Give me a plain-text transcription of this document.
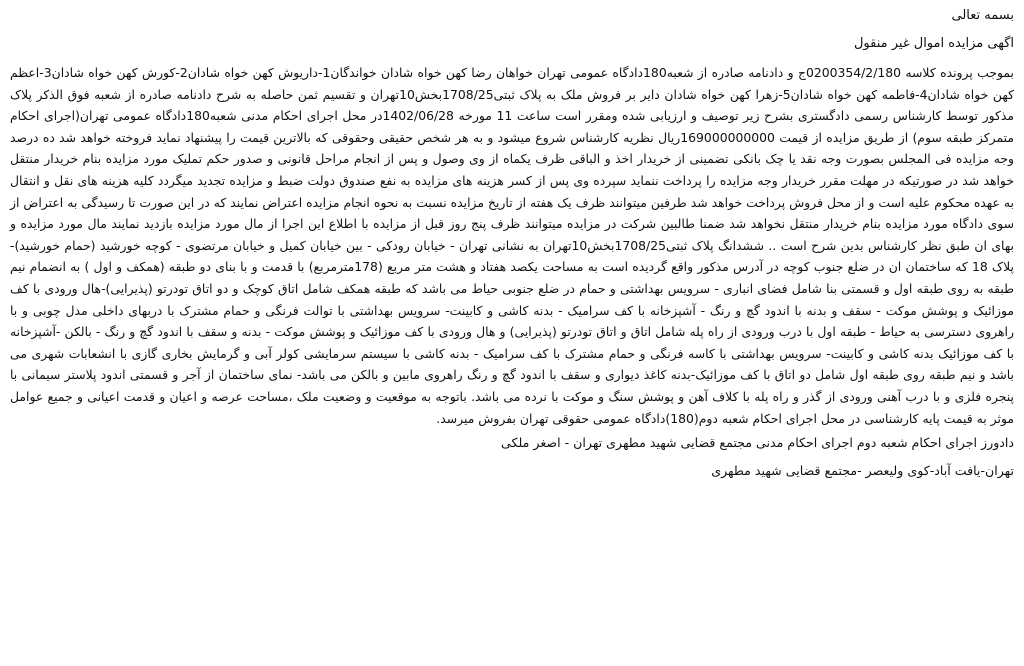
بسمه تعالی
اگهی مزایده اموال غیر منقول

بموجب پرونده کلاسه 0200354/2/180ج و دادنامه صادره از شعبه180دادگاه عمومی تهران خواهان رضا کهن خواه شادان خواندگان1-داریوش کهن خواه شادان2-کورش کهن خواه شادان3-اعظم کهن خواه شادان4-فاطمه کهن خواه شادان5-زهرا کهن خواه شادان دایر بر فروش ملک به پلاک ثبتی1708/25بخش10تهران و تقسیم ثمن حاصله به شرح دادنامه صادره از شعبه فوق الذکر پلاک مذکور توسط کارشناس رسمی دادگستری بشرح زیر توصیف و ارزیابی شده ومقرر است ساعت 11 مورخه 1402/06/28در محل اجرای احکام مدنی شعبه180دادگاه عمومی تهران(اجرای احکام متمرکز طبقه سوم) از طریق مزایده از قیمت 169000000000ریال نظریه کارشناس شروع میشود و به هر شخص حقیقی وحقوقی که بالاترین قیمت را پیشنهاد نماید فروخته خواهد شد ده درصد وجه مزایده فی المجلس بصورت وجه نقد یا چک بانکی تضمینی از خریدار اخذ و الباقی ظرف یکماه از وی وصول و پس از انجام مراحل قانونی و صدور حکم تملیک مورد مزایده بنام خریدار منتقل خواهد شد در صورتیکه در مهلت مقرر خریدار وجه مزایده را پرداخت ننماید سپرده وی پس از کسر هزینه های مزایده به نفع صندوق دولت ضبط و مزایده تجدید میگردد کلیه هزینه های نقل و انتقال به عهده محکوم علیه است و از محل فروش پرداخت خواهد شد طرفین میتوانند ظرف یک هفته از تاریخ مزایده نسبت به نحوه انجام مزایده اعتراض نمایند که در این صورت تا رسیدگی به اعتراض از سوی دادگاه مورد مزایده بنام خریدار منتقل نخواهد شد ضمنا طالبین شرکت در مزایده میتوانند ظرف پنج روز قبل از مزایده با اطلاع این اجرا از مال مورد مزایده بازدید نمایند مال مورد مزایده و بهای ان طبق نظر کارشناس بدین شرح است .. ششدانگ پلاک ثبتی1708/25بخش10تهران به نشانی تهران - خیابان رودکی - بین خیابان کمیل و خیابان مرتضوی - کوچه خورشید (حمام خورشید)- پلاک 18 که ساختمان ان در ضلع جنوب کوچه در آدرس مذکور واقع گردیده است به مساحت یکصد هفتاد و هشت متر مربع (178مترمربع) با قدمت و با بنای دو طبقه (همکف و اول ) به انضمام نیم طبقه به روی طبقه اول و قسمتی بنا شامل فضای انباری - سرویس بهداشتی و حمام در ضلع جنوبی حیاط می باشد که طبقه همکف شامل اتاق کوچک و دو اتاق تودرتو (پذیرایی)-هال ورودی با کف موزائیک و پوشش موکت - سقف و بدنه با اندود گچ و رنگ - آشپزخانه با کف سرامیک - بدنه کاشی و کابینت- سرویس بهداشتی با توالت فرنگی و حمام مشترک با دربهای داخلی مدل چوبی و با راهروی دسترسی به حیاط - طبقه اول با درب ورودی از راه پله شامل اتاق و اتاق تودرتو (پذیرایی) و هال ورودی با کف موزائیک و پوشش موکت - بدنه و سقف با اندود گچ و رنگ - بالکن -آشپزخانه با کف موزائیک بدنه کاشی و کابینت- سرویس بهداشتی با کاسه فرنگی و حمام مشترک با کف سرامیک - بدنه کاشی با سیستم سرمایشی کولر آبی و گرمایش بخاری گازی با انشعابات شهری می باشد و نیم طبقه روی طبقه اول شامل دو اتاق با کف موزائیک-بدنه کاغذ دیواری و سقف با اندود گچ و رنگ راهروی مابین و بالکن می باشد- نمای ساختمان از آجر و قسمتی اندود پلاستر سیمانی با پنجره فلزی و با درب آهنی ورودی از گذر و راه پله با کلاف آهن و پوشش سنگ و موکت با نرده می باشد. باتوجه به موقعیت و وضعیت ملک ،مساحت عرصه و اعیان و قدمت اعیانی و جمیع عوامل موثر به قیمت پایه کارشناسی در محل اجرای احکام شعبه دوم(180)دادگاه عمومی حقوقی تهران بفروش میرسد.

دادورز اجرای احکام شعبه دوم اجرای احکام مدنی مجتمع قضایی شهید مطهری تهران - اصغر ملکی
تهران-یافت آباد-کوی ولیعصر -مجتمع قضایی شهید مطهری
